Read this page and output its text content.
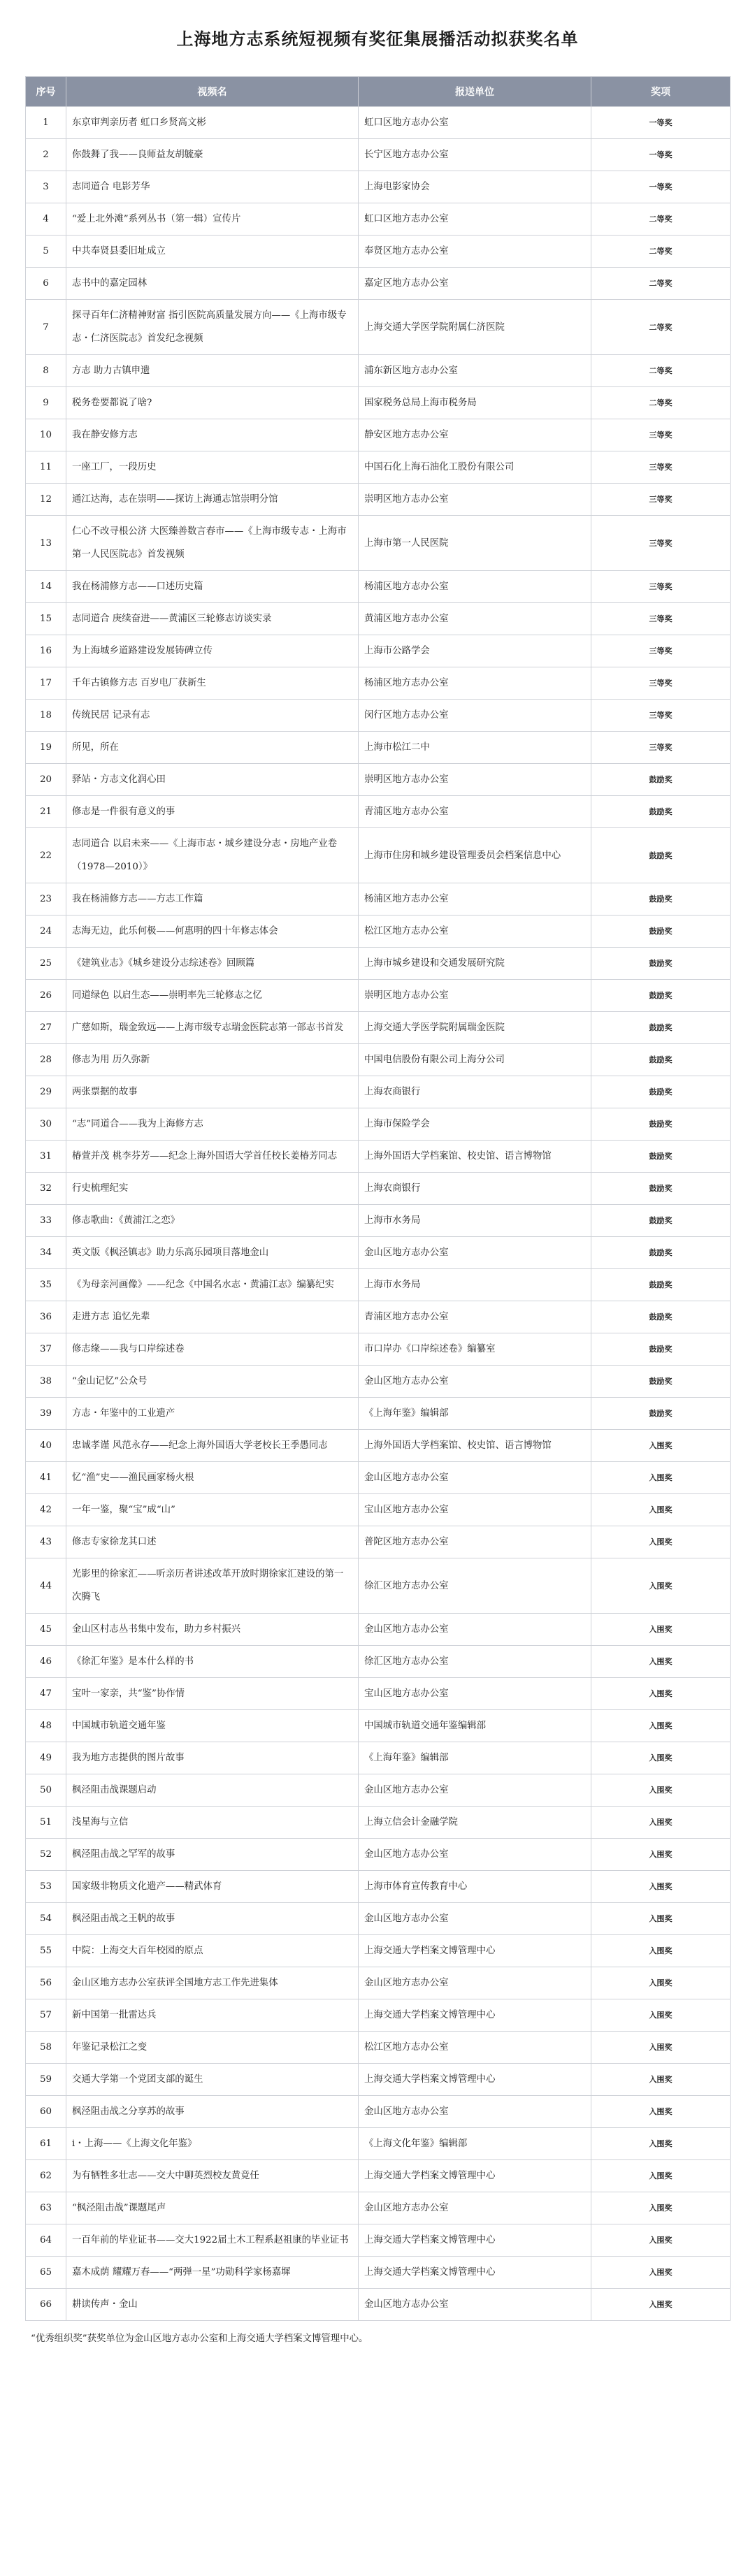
上海地方志系统短视频有奖征集展播活动拟获奖名单
序号	视频名	报送单位	奖项
1	东京审判亲历者 虹口乡贤高文彬	虹口区地方志办公室	一等奖
2	你鼓舞了我——良师益友胡毓豪	长宁区地方志办公室	一等奖
3	志同道合 电影芳华	上海电影家协会	一等奖
4	“爱上北外滩”系列丛书（第一辑）宣传片	虹口区地方志办公室	二等奖
5	中共奉贤县委旧址成立	奉贤区地方志办公室	二等奖
6	志书中的嘉定园林	嘉定区地方志办公室	二等奖
7	探寻百年仁济精神财富 指引医院高质量发展方向——《上海市级专志・仁济医院志》首发纪念视频	上海交通大学医学院附属仁济医院	二等奖
8	方志 助力古镇申遗	浦东新区地方志办公室	二等奖
9	税务卷要都说了啥?	国家税务总局上海市税务局	二等奖
10	我在静安修方志	静安区地方志办公室	三等奖
11	一座工厂，一段历史	中国石化上海石油化工股份有限公司	三等奖
12	通江达海，志在崇明——探访上海通志馆崇明分馆	崇明区地方志办公室	三等奖
13	仁心不改寻根公济 大医臻善数言春市——《上海市级专志・上海市第一人民医院志》首发视频	上海市第一人民医院	三等奖
14	我在杨浦修方志——口述历史篇	杨浦区地方志办公室	三等奖
15	志同道合 庚续奋进——黄浦区三轮修志访谈实录	黄浦区地方志办公室	三等奖
16	为上海城乡道路建设发展铸碑立传	上海市公路学会	三等奖
17	千年古镇修方志 百岁电厂获新生	杨浦区地方志办公室	三等奖
18	传统民居 记录有志	闵行区地方志办公室	三等奖
19	所见，所在	上海市松江二中	三等奖
20	驿站・方志文化润心田	崇明区地方志办公室	鼓励奖
21	修志是一件很有意义的事	青浦区地方志办公室	鼓励奖
22	志同道合 以启未来——《上海市志・城乡建设分志・房地产业卷（1978—2010）》	上海市住房和城乡建设管理委员会档案信息中心	鼓励奖
23	我在杨浦修方志——方志工作篇	杨浦区地方志办公室	鼓励奖
24	志海无边，此乐何极——何惠明的四十年修志体会	松江区地方志办公室	鼓励奖
25	《建筑业志》《城乡建设分志综述卷》回顾篇	上海市城乡建设和交通发展研究院	鼓励奖
26	同道绿色 以启生态——崇明率先三轮修志之忆	崇明区地方志办公室	鼓励奖
27	广慈如斯，瑞金致远——上海市级专志瑞金医院志第一部志书首发	上海交通大学医学院附属瑞金医院	鼓励奖
28	修志为用 历久弥新	中国电信股份有限公司上海分公司	鼓励奖
29	两张票据的故事	上海农商银行	鼓励奖
30	“志”同道合——我为上海修方志	上海市保险学会	鼓励奖
31	椿萱并茂 桃李芬芳——纪念上海外国语大学首任校长姜椿芳同志	上海外国语大学档案馆、校史馆、语言博物馆	鼓励奖
32	行史梳理纪实	上海农商银行	鼓励奖
33	修志歌曲：《黄浦江之恋》	上海市水务局	鼓励奖
34	英文版《枫泾镇志》助力乐高乐园项目落地金山	金山区地方志办公室	鼓励奖
35	《为母亲河画像》——纪念《中国名水志・黄浦江志》编纂纪实	上海市水务局	鼓励奖
36	走进方志 追忆先辈	青浦区地方志办公室	鼓励奖
37	修志缘——我与口岸综述卷	市口岸办《口岸综述卷》编纂室	鼓励奖
38	“金山记忆”公众号	金山区地方志办公室	鼓励奖
39	方志・年鉴中的工业遗产	《上海年鉴》编辑部	鼓励奖
40	忠诚孝谨 风范永存——纪念上海外国语大学老校长王季愚同志	上海外国语大学档案馆、校史馆、语言博物馆	入围奖
41	忆“渔”史——渔民画家杨火根	金山区地方志办公室	入围奖
42	一年一鉴，聚“宝”成“山”	宝山区地方志办公室	入围奖
43	修志专家徐龙其口述	普陀区地方志办公室	入围奖
44	光影里的徐家汇——听亲历者讲述改革开放时期徐家汇建设的第一次腾飞	徐汇区地方志办公室	入围奖
45	金山区村志丛书集中发布，助力乡村振兴	金山区地方志办公室	入围奖
46	《徐汇年鉴》是本什么样的书	徐汇区地方志办公室	入围奖
47	宝叶一家亲，共“鉴”协作情	宝山区地方志办公室	入围奖
48	中国城市轨道交通年鉴	中国城市轨道交通年鉴编辑部	入围奖
49	我为地方志提供的图片故事	《上海年鉴》编辑部	入围奖
50	枫泾阻击战课题启动	金山区地方志办公室	入围奖
51	浅星海与立信	上海立信会计金融学院	入围奖
52	枫泾阻击战之罕军的故事	金山区地方志办公室	入围奖
53	国家级非物质文化遗产——精武体育	上海市体育宣传教育中心	入围奖
54	枫泾阻击战之王帆的故事	金山区地方志办公室	入围奖
55	中院：上海交大百年校园的原点	上海交通大学档案文博管理中心	入围奖
56	金山区地方志办公室获评全国地方志工作先进集体	金山区地方志办公室	入围奖
57	新中国第一批雷达兵	上海交通大学档案文博管理中心	入围奖
58	年鉴记录松江之变	松江区地方志办公室	入围奖
59	交通大学第一个党团支部的诞生	上海交通大学档案文博管理中心	入围奖
60	枫泾阻击战之分享苏的故事	金山区地方志办公室	入围奖
61	i・上海——《上海文化年鉴》	《上海文化年鉴》编辑部	入围奖
62	为有牺牲多壮志——交大中聊英烈校友黄竟任	上海交通大学档案文博管理中心	入围奖
63	“枫泾阻击战”课题尾声	金山区地方志办公室	入围奖
64	一百年前的毕业证书——交大1922届土木工程系赵祖康的毕业证书	上海交通大学档案文博管理中心	入围奖
65	嘉木成荫 耀耀万春——“两弹一星”功勋科学家杨嘉墀	上海交通大学档案文博管理中心	入围奖
66	耕读传声・金山	金山区地方志办公室	入围奖
“优秀组织奖”获奖单位为金山区地方志办公室和上海交通大学档案文博管理中心。
